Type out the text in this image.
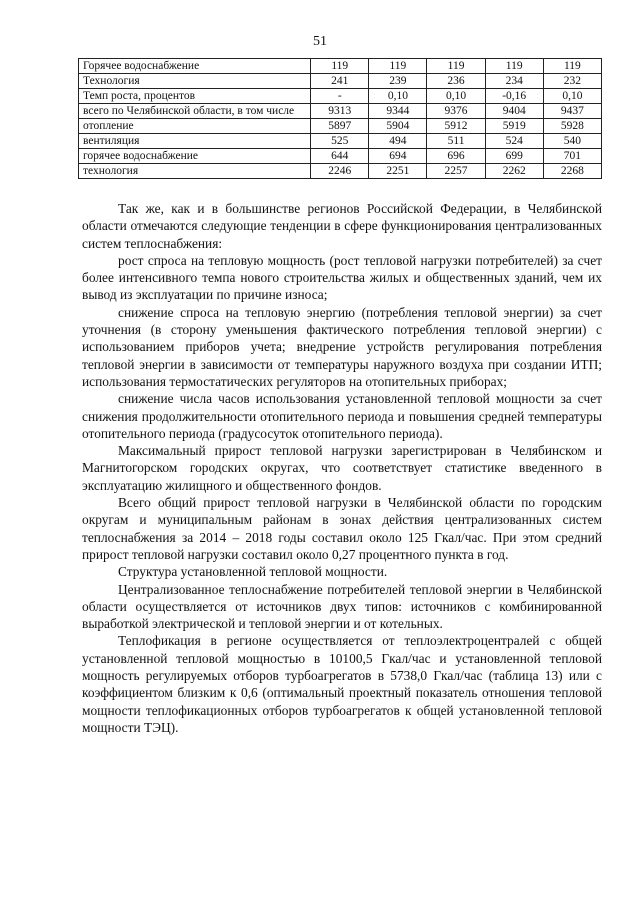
51
Горячее водоснабжение	119	119	119	119	119
Технология	241	239	236	234	232
Темп роста, процентов	-	0,10	0,10	-0,16	0,10
всего по Челябинской области, в том числе	9313	9344	9376	9404	9437
отопление	5897	5904	5912	5919	5928
вентиляция	525	494	511	524	540
горячее водоснабжение	644	694	696	699	701
технология	2246	2251	2257	2262	2268

Так же, как и в большинстве регионов Российской Федерации, в Челябинской области отмечаются следующие тенденции в сфере функционирования централизованных систем теплоснабжения:

рост спроса на тепловую мощность (рост тепловой нагрузки потребителей) за счет более интенсивного темпа нового строительства жилых и общественных зданий, чем их вывод из эксплуатации по причине износа;

снижение спроса на тепловую энергию (потребления тепловой энергии) за счет уточнения (в сторону уменьшения фактического потребления тепловой энергии) с использованием приборов учета; внедрение устройств регулирования потребления тепловой энергии в зависимости от температуры наружного воздуха при создании ИТП; использования термостатических регуляторов на отопительных приборах;

снижение числа часов использования установленной тепловой мощности за счет снижения продолжительности отопительного периода и повышения средней температуры отопительного периода (градусосуток отопительного периода).

Максимальный прирост тепловой нагрузки зарегистрирован в Челябинском и Магнитогорском городских округах, что соответствует статистике введенного в эксплуатацию жилищного и общественного фондов.

Всего общий прирост тепловой нагрузки в Челябинской области по городским округам и муниципальным районам в зонах действия централизованных систем теплоснабжения за 2014 – 2018 годы составил около 125 Гкал/час. При этом средний прирост тепловой нагрузки составил около 0,27 процентного пункта в год.

Структура установленной тепловой мощности.

Централизованное теплоснабжение потребителей тепловой энергии в Челябинской области осуществляется от источников двух типов: источников с комбинированной выработкой электрической и тепловой энергии и от котельных.

Теплофикация в регионе осуществляется от теплоэлектроцентралей с общей установленной тепловой мощностью в 10100,5 Гкал/час и установленной тепловой мощность регулируемых отборов турбоагрегатов в 5738,0 Гкал/час (таблица 13) или с коэффициентом близким к 0,6 (оптимальный проектный показатель отношения тепловой мощности теплофикационных отборов турбоагрегатов к общей установленной тепловой мощности ТЭЦ).
